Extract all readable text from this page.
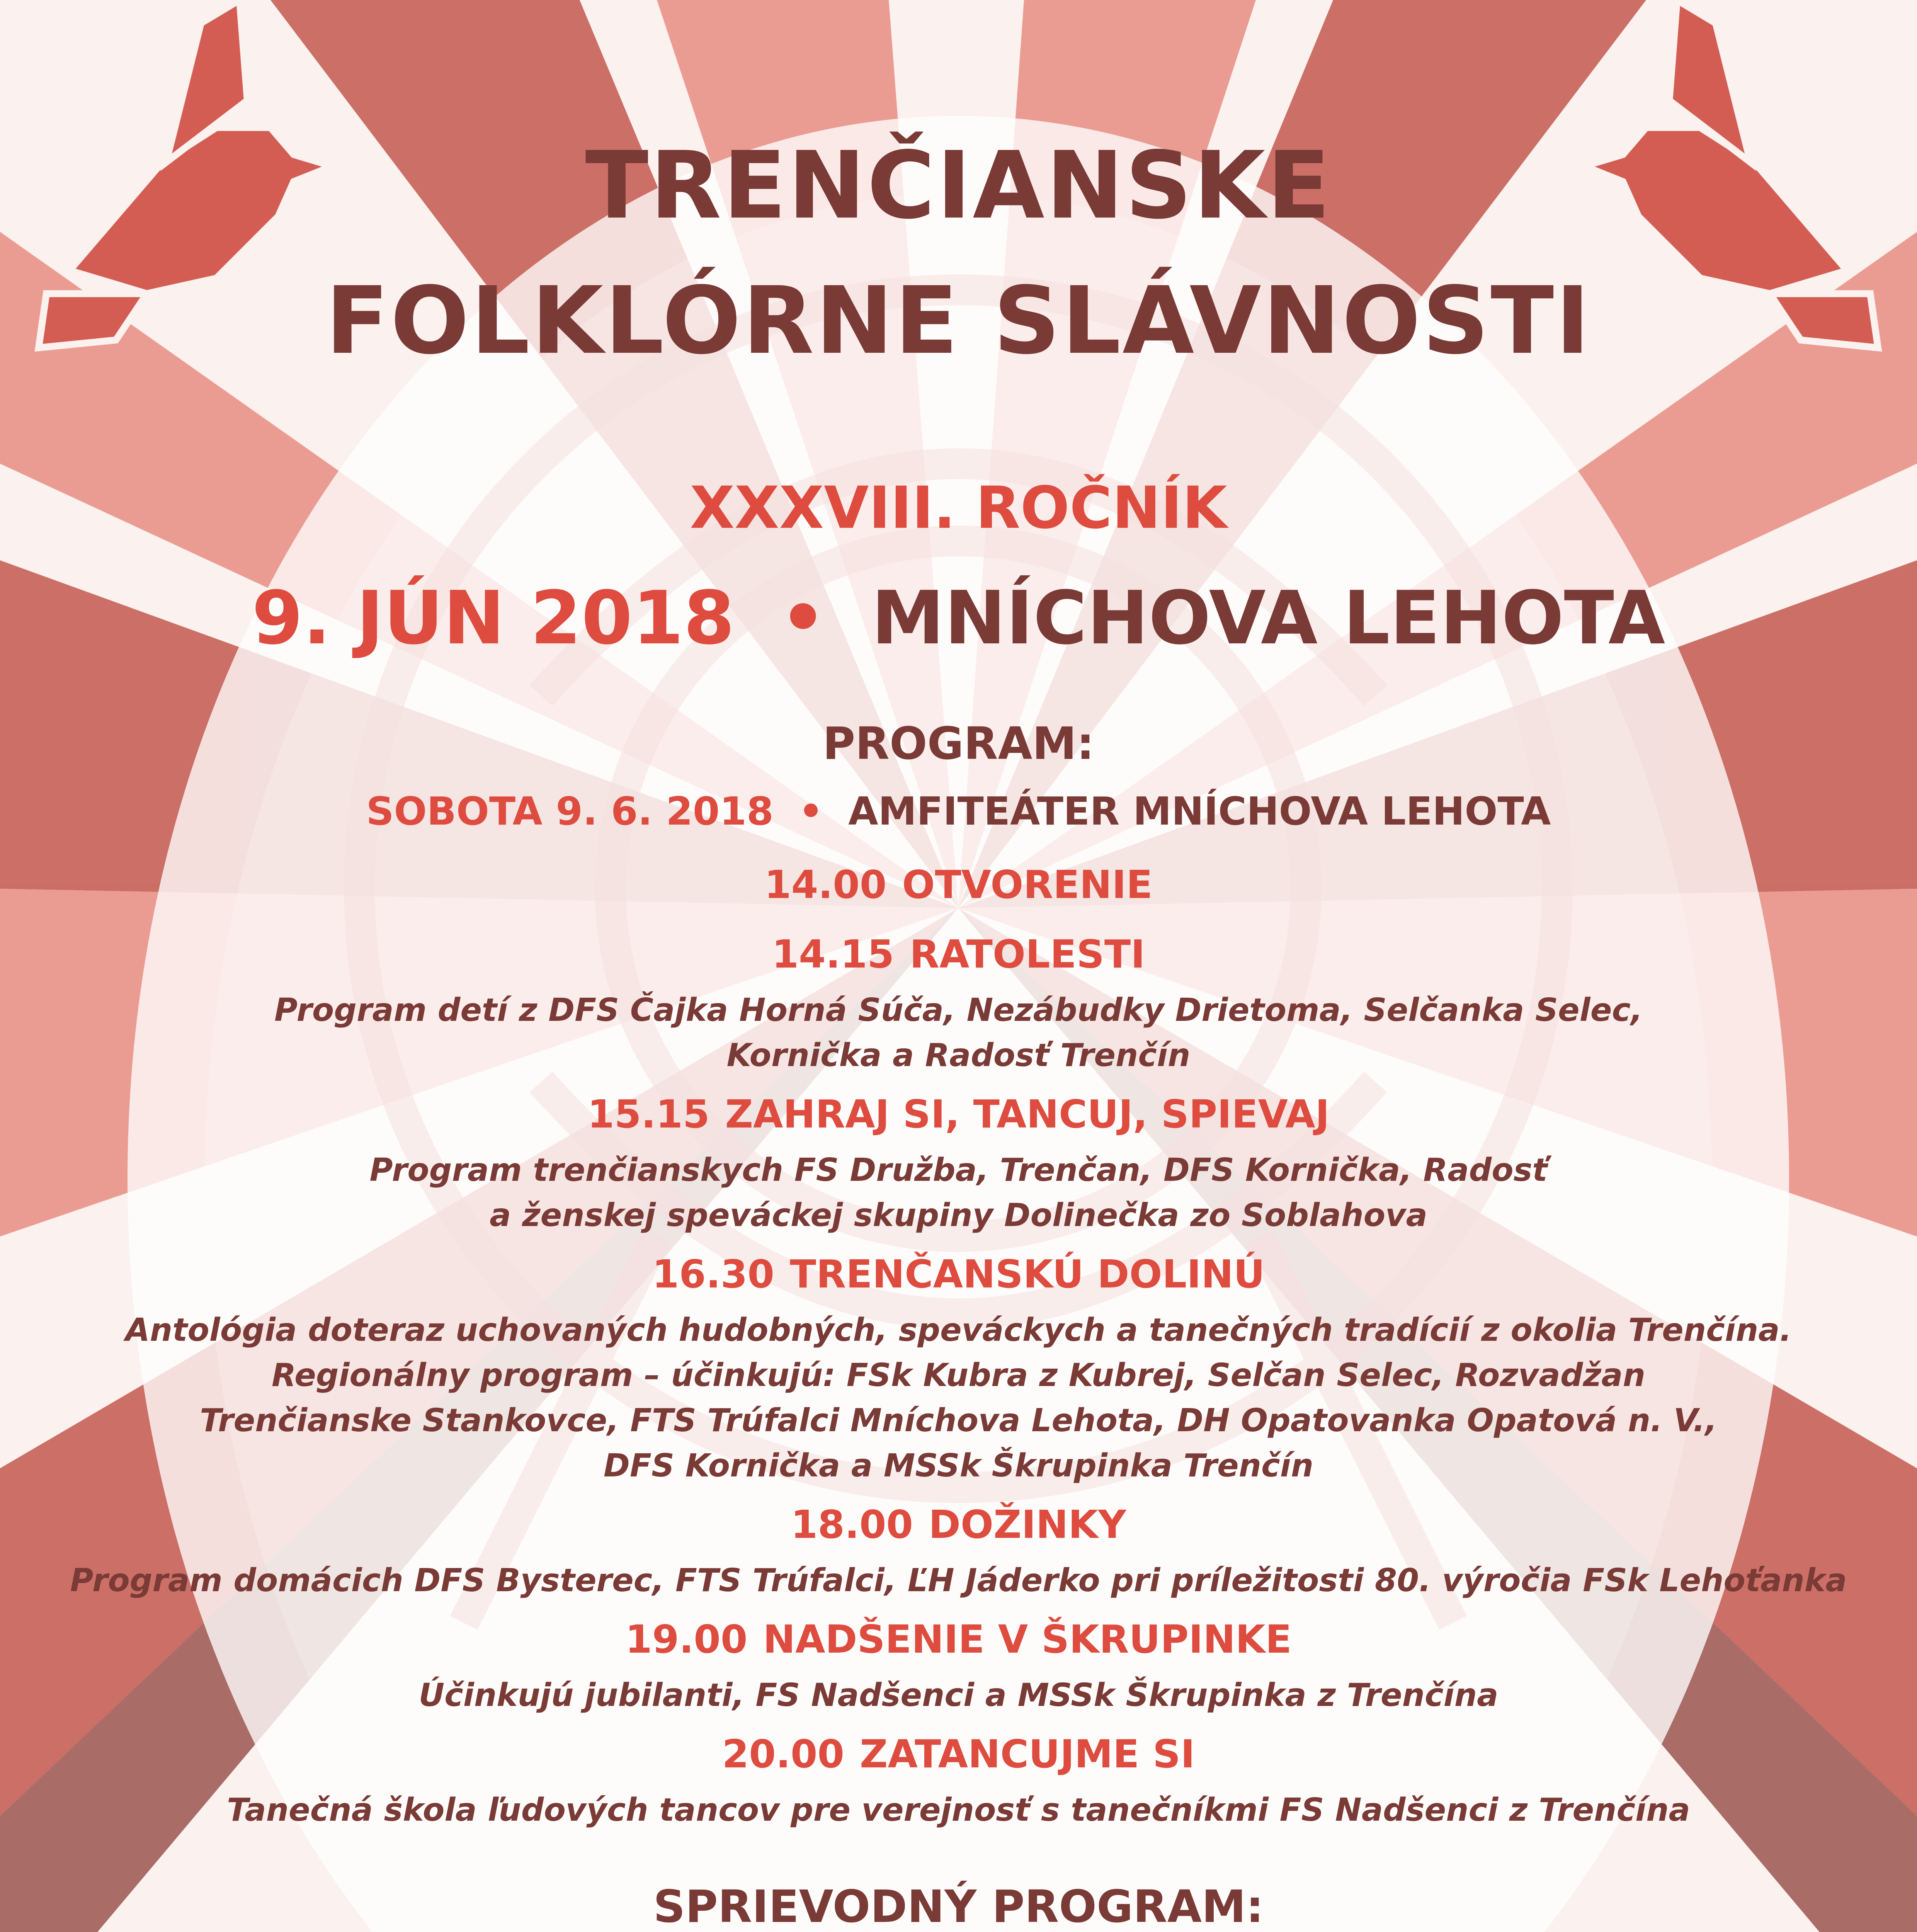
TRENČIANSKE
FOLKLÓRNE SLÁVNOSTI
XXXVIII. ROČNÍK
9. JÚN 2018 • MNÍCHOVA LEHOTA
PROGRAM:
SOBOTA 9. 6. 2018 • AMFITEÁTER MNÍCHOVA LEHOTA
14.00 OTVORENIE
14.15 RATOLESTI
Program detí z DFS Čajka Horná Súča, Nezábudky Drietoma, Selčanka Selec,
Kornička a Radosť Trenčín
15.15 ZAHRAJ SI, TANCUJ, SPIEVAJ
Program trenčianskych FS Družba, Trenčan, DFS Kornička, Radosť
a ženskej speváckej skupiny Dolinečka zo Soblahova
16.30 TRENČANSKÚ DOLINÚ
Antológia doteraz uchovaných hudobných, speváckych a tanečných tradícií z okolia Trenčína.
Regionálny program – účinkujú: FSk Kubra z Kubrej, Selčan Selec, Rozvadžan
Trenčianske Stankovce, FTS Trúfalci Mníchova Lehota, DH Opatovanka Opatová n. V.,
DFS Kornička a MSSk Škrupinka Trenčín
18.00 DOŽINKY
Program domácich DFS Bysterec, FTS Trúfalci, ĽH Jáderko pri príležitosti 80. výročia FSk Lehoťanka
19.00 NADŠENIE V ŠKRUPINKE
Účinkujú jubilanti, FS Nadšenci a MSSk Škrupinka z Trenčína
20.00 ZATANCUJME SI
Tanečná škola ľudových tancov pre verejnosť s tanečníkmi FS Nadšenci z Trenčína
SPRIEVODNÝ PROGRAM:
